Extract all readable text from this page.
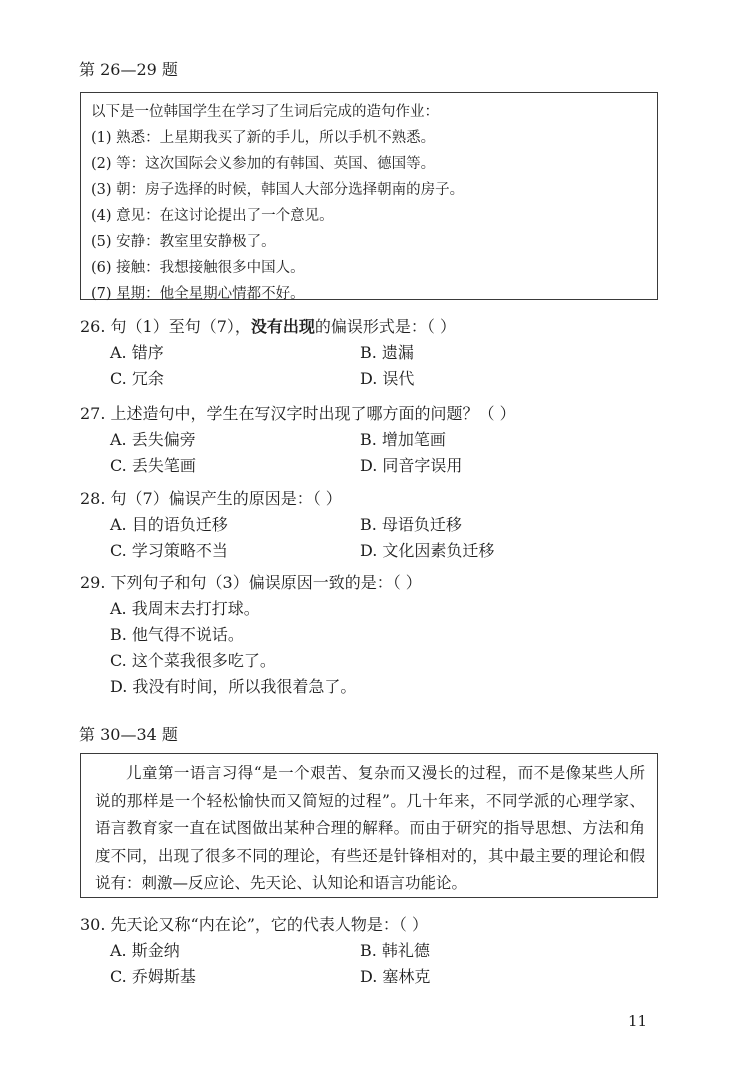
第 26—29 题
以下是一位韩国学生在学习了生词后完成的造句作业：
(1) 熟悉：上星期我买了新的手儿，所以手机不熟悉。
(2) 等：这次国际会义参加的有韩国、英国、德国等。
(3) 朝：房子选择的时候，韩国人大部分选择朝南的房子。
(4) 意见：在这讨论提出了一个意见。
(5) 安静：教室里安静极了。
(6) 接触：我想接触很多中国人。
(7) 星期：他全星期心情都不好。
26. 句（1）至句（7），没有出现的偏误形式是：（ ）
A. 错序	B. 遗漏
C. 冗余	D. 误代
27. 上述造句中，学生在写汉字时出现了哪方面的问题？（ ）
A. 丢失偏旁	B. 增加笔画
C. 丢失笔画	D. 同音字误用
28. 句（7）偏误产生的原因是：（ ）
A. 目的语负迁移	B. 母语负迁移
C. 学习策略不当	D. 文化因素负迁移
29. 下列句子和句（3）偏误原因一致的是：（ ）
A. 我周末去打打球。
B. 他气得不说话。
C. 这个菜我很多吃了。
D. 我没有时间，所以我很着急了。
第 30—34 题

儿童第一语言习得“是一个艰苦、复杂而又漫长的过程，而不是像某些人所说的那样是一个轻松愉快而又简短的过程”。几十年来，不同学派的心理学家、语言教育家一直在试图做出某种合理的解释。而由于研究的指导思想、方法和角度不同，出现了很多不同的理论，有些还是针锋相对的，其中最主要的理论和假说有：刺激—反应论、先天论、认知论和语言功能论。

30. 先天论又称“内在论”，它的代表人物是：（ ）
A. 斯金纳	B. 韩礼德
C. 乔姆斯基	D. 塞林克
11
